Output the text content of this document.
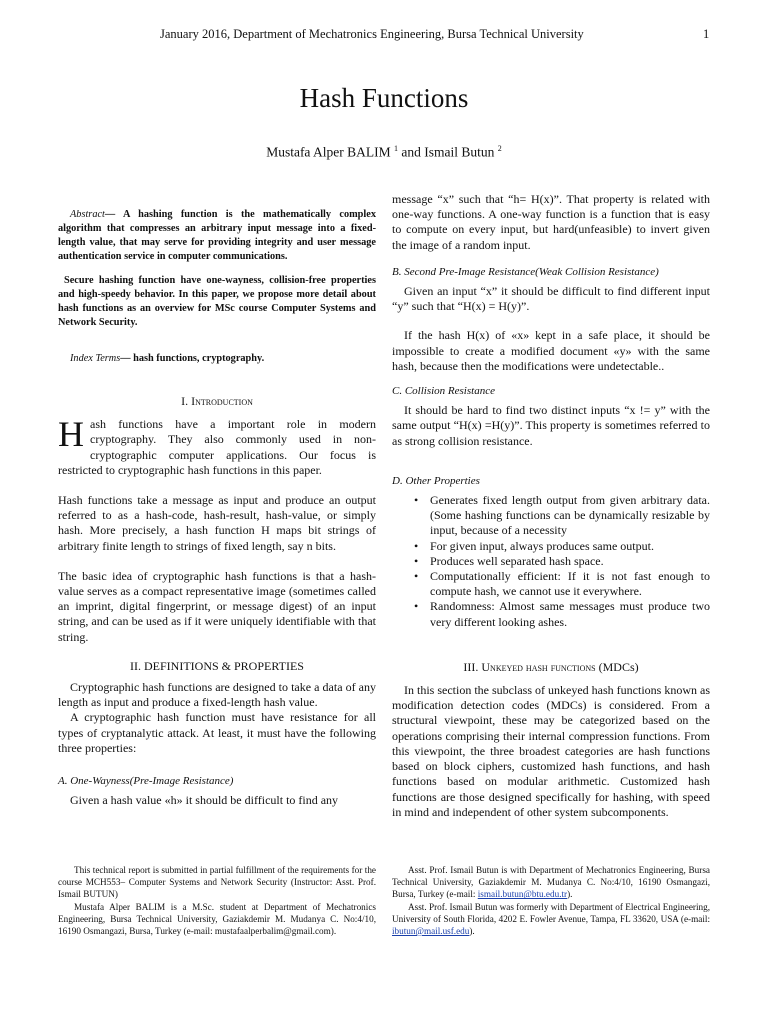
January 2016, Department of Mechatronics Engineering, Bursa Technical University	1
Hash Functions
Mustafa Alper BALIM $^1$ and Ismail Butun $^2$

Abstract— A hashing function is the mathematically complex algorithm that compresses an arbitrary input message into a fixed-length value, that may serve for providing integrity and user message authentication service in computer communications.

Secure hashing function have one-wayness, collision-free properties and high-speedy behavior. In this paper, we propose more detail about hash functions as an overview for MSc course Computer Systems and Network Security.

Index Terms— hash functions, cryptography.

I. Introduction

Hash functions have a important role in modern cryptography. They also commonly used in non-cryptographic computer applications. Our focus is restricted to cryptographic hash functions in this paper.

Hash functions take a message as input and produce an output referred to as a hash-code, hash-result, hash-value, or simply hash. More precisely, a hash function H maps bit strings of arbitrary finite length to strings of fixed length, say n bits.

The basic idea of cryptographic hash functions is that a hash-value serves as a compact representative image (sometimes called an imprint, digital fingerprint, or message digest) of an input string, and can be used as if it were uniquely identifiable with that string.

II. DEFINITIONS & PROPERTIES

Cryptographic hash functions are designed to take a data of any length as input and produce a fixed-length hash value.

A cryptographic hash function must have resistance for all types of cryptanalytic attack. At least, it must have the following three properties:

A. One-Wayness(Pre-Image Resistance)

Given a hash value «h» it should be difficult to find any

message “x” such that “h= H(x)”. That property is related with one-way functions. A one-way function is a function that is easy to compute on every input, but hard(unfeasible) to invert given the image of a random input.

B. Second Pre-Image Resistance(Weak Collision Resistance)

Given an input “x” it should be difficult to find different input “y” such that “H(x) = H(y)”.

If the hash H(x) of «x» kept in a safe place, it should be impossible to create a modified document «y» with the same hash, because then the modifications were undetectable..

C. Collision Resistance

It should be hard to find two distinct inputs “x != y” with the same output “H(x) =H(y)”. This property is sometimes referred to as strong collision resistance.

D. Other Properties

• Generates fixed length output from given arbitrary data. (Some hashing functions can be dynamically resizable by input, because of a necessity
• For given input, always produces same output.
• Produces well separated hash space.
• Computationally efficient: If it is not fast enough to compute hash, we cannot use it everywhere.
• Randomness: Almost same messages must produce two very different looking ashes.

III. Unkeyed hash functions (MDCs)

In this section the subclass of unkeyed hash functions known as modification detection codes (MDCs) is considered. From a structural viewpoint, these may be categorized based on the operations comprising their internal compression functions. From this viewpoint, the three broadest categories are hash functions based on block ciphers, customized hash functions, and hash functions based on modular arithmetic. Customized hash functions are those designed specifically for hashing, with speed in mind and independent of other system subcomponents.

This technical report is submitted in partial fulfillment of the requirements for the course MCH553– Computer Systems and Network Security (Instructor: Asst. Prof. Ismail BUTUN)

Mustafa Alper BALIM is a M.Sc. student at Department of Mechatronics Engineering, Bursa Technical University, Gaziakdemir M. Mudanya C. No:4/10, 16190 Osmangazi, Bursa, Turkey (e-mail: mustafaalperbalim@gmail.com).

Asst. Prof. Ismail Butun is with Department of Mechatronics Engineering, Bursa Technical University, Gaziakdemir M. Mudanya C. No:4/10, 16190 Osmangazi, Bursa, Turkey (e-mail: ismail.butun@btu.edu.tr).

Asst. Prof. Ismail Butun was formerly with Department of Electrical Engineering, University of South Florida, 4202 E. Fowler Avenue, Tampa, FL 33620, USA (e-mail: ibutun@mail.usf.edu).
